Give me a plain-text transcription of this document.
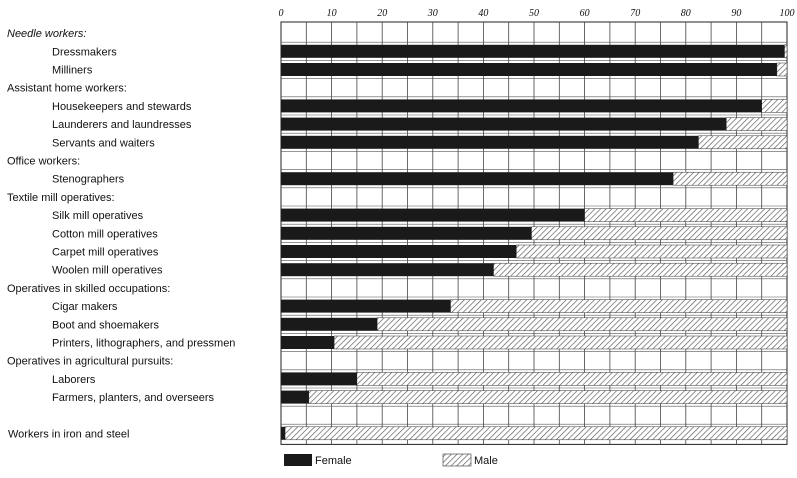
0	10	20	30	40	50	60	70	80	90	100
Needle workers:
Dressmakers
Milliners
Assistant home workers:
Housekeepers and stewards
Launderers and laundresses
Servants and waiters
Office workers:
Stenographers
Textile mill operatives:
Silk mill operatives
Cotton mill operatives
Carpet mill operatives
Woolen mill operatives
Operatives in skilled occupations:
Cigar makers
Boot and shoemakers
Printers, lithographers, and pressmen
Operatives in agricultural pursuits:
Laborers
Farmers, planters, and overseers
Workers in iron and steel
Female	Male
